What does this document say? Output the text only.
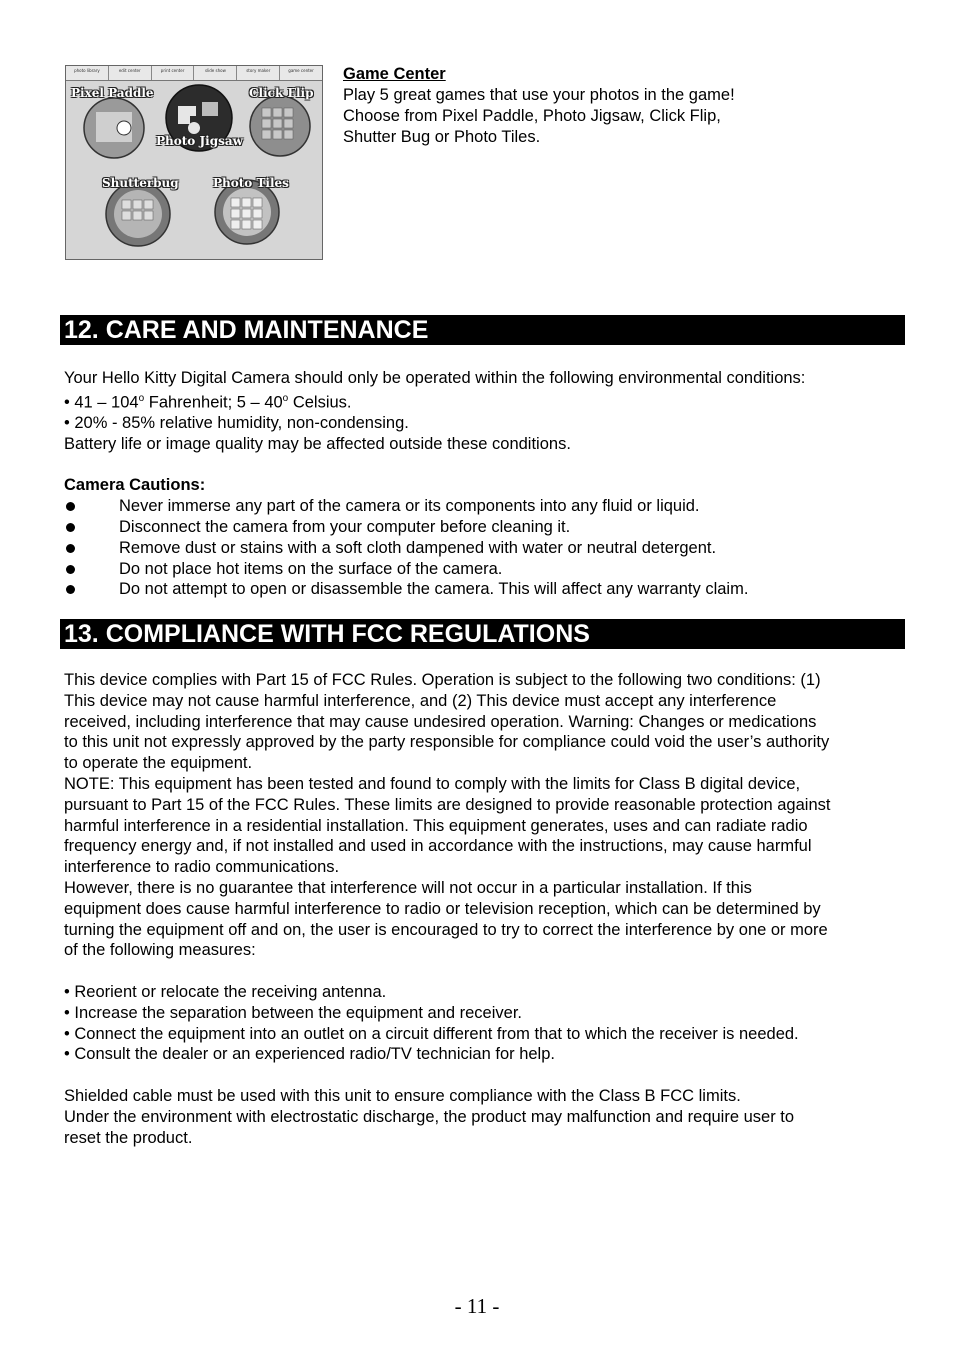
photo library	edit center	print center	slide show	story maker	game center
Pixel Paddle	Click Flip
Photo Jigsaw
Shutterbug	Photo Tiles
Game Center
Play 5 great games that use your photos in the game!
Choose from Pixel Paddle, Photo Jigsaw, Click Flip,
Shutter Bug or Photo Tiles.
12. CARE AND MAINTENANCE

Your Hello Kitty Digital Camera should only be operated within the following environmental conditions:

• 41 – 104$^o$ Fahrenheit; 5 – 40$^o$ Celsius.

• 20% - 85% relative humidity, non-condensing.

Battery life or image quality may be affected outside these conditions.

Camera Cautions:

Never immerse any part of the camera or its components into any fluid or liquid.
Disconnect the camera from your computer before cleaning it.
Remove dust or stains with a soft cloth dampened with water or neutral detergent.
Do not place hot items on the surface of the camera.
Do not attempt to open or disassemble the camera. This will affect any warranty claim.
13. COMPLIANCE WITH FCC REGULATIONS

This device complies with Part 15 of FCC Rules. Operation is subject to the following two conditions: (1)

This device may not cause harmful interference, and (2) This device must accept any interference

received, including interference that may cause undesired operation. Warning: Changes or medications

to this unit not expressly approved by the party responsible for compliance could void the user’s authority

to operate the equipment.

NOTE: This equipment has been tested and found to comply with the limits for Class B digital device,

pursuant to Part 15 of the FCC Rules. These limits are designed to provide reasonable protection against

harmful interference in a residential installation. This equipment generates, uses and can radiate radio

frequency energy and, if not installed and used in accordance with the instructions, may cause harmful

interference to radio communications.

However, there is no guarantee that interference will not occur in a particular installation. If this

equipment does cause harmful interference to radio or television reception, which can be determined by

turning the equipment off and on, the user is encouraged to try to correct the interference by one or more

of the following measures:

• Reorient or relocate the receiving antenna.

• Increase the separation between the equipment and receiver.

• Connect the equipment into an outlet on a circuit different from that to which the receiver is needed.

• Consult the dealer or an experienced radio/TV technician for help.

Shielded cable must be used with this unit to ensure compliance with the Class B FCC limits.

Under the environment with electrostatic discharge, the product may malfunction and require user to

reset the product.

- 11 -
